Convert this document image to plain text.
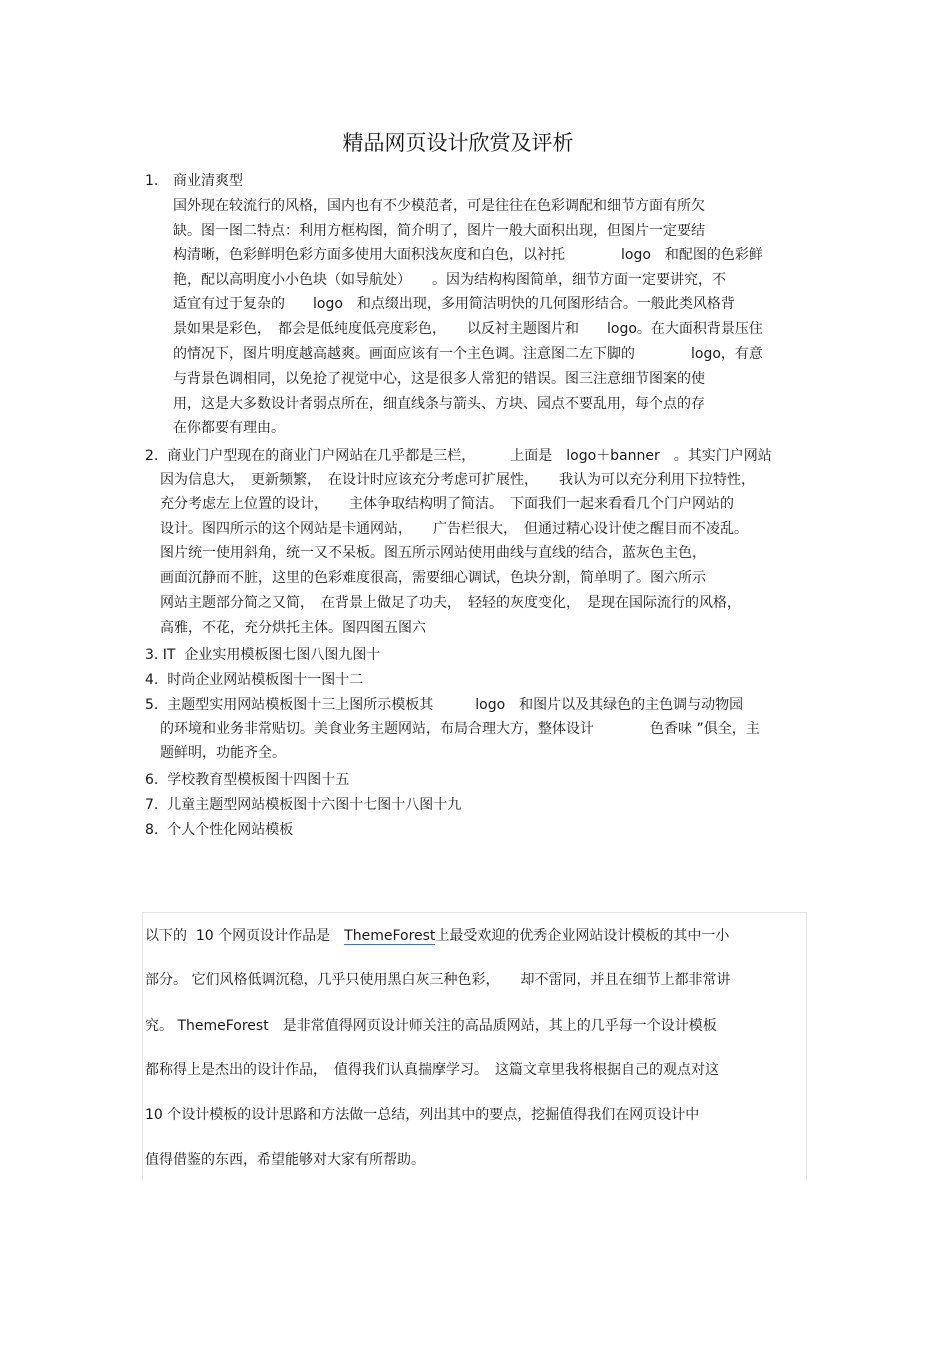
精品网页设计欣赏及评析
1. 商业清爽型
国外现在较流行的风格，国内也有不少模范者，可是往往在色彩调配和细节方面有所欠
缺。图一图二特点：利用方框构图，简介明了，图片一般大面积出现，但图片一定要结
构清晰，色彩鲜明色彩方面多使用大面积浅灰度和白色，以衬托　　　　logo　和配图的色彩鲜
艳，配以高明度小小色块（如导航处）　　。因为结构构图简单，细节方面一定要讲究，不
适宜有过于复杂的　　logo　和点缀出现，多用简洁明快的几何图形结合。一般此类风格背
景如果是彩色，　都会是低纯度低亮度彩色，　　以反衬主题图片和　　logo。在大面积背景压住
的情况下，图片明度越高越爽。画面应该有一个主色调。注意图二左下脚的　　　　logo，有意
与背景色调相同，以免抢了视觉中心，这是很多人常犯的错误。图三注意细节图案的使
用，这是大多数设计者弱点所在，细直线条与箭头、方块、园点不要乱用，每个点的存
在你都要有理由。
2.  商业门户型现在的商业门户网站在几乎都是三栏，　　　上面是　logo＋banner　。其实门户网站
因为信息大，　更新频繁，　在设计时应该充分考虑可扩展性，　　我认为可以充分利用下拉特性，
充分考虑左上位置的设计，　　主体争取结构明了简洁。　下面我们一起来看看几个门户网站的
设计。图四所示的这个网站是卡通网站，　　广告栏很大，　但通过精心设计使之醒目而不凌乱。
图片统一使用斜角，统一又不呆板。图五所示网站使用曲线与直线的结合，蓝灰色主色，
画面沉静而不脏，这里的色彩难度很高，需要细心调试，色块分割，简单明了。图六所示
网站主题部分简之又简，　在背景上做足了功夫，　轻轻的灰度变化，　是现在国际流行的风格，
高雅，不花，充分烘托主体。图四图五图六
3. IT  企业实用模板图七图八图九图十
4.  时尚企业网站模板图十一图十二
5.  主题型实用网站模板图十三上图所示模板其　　　logo　和图片以及其绿色的主色调与动物园
的环境和业务非常贴切。美食业务主题网站，布局合理大方，整体设计　　　　色香味 ”俱全，主
题鲜明，功能齐全。
6.  学校教育型模板图十四图十五
7.  儿童主题型网站模板图十六图十七图十八图十九
8.  个人个性化网站模板
以下的  10 个网页设计作品是　ThemeForest上最受欢迎的优秀企业网站设计模板的其中一小
部分。 它们风格低调沉稳，几乎只使用黑白灰三种色彩，　　却不雷同，并且在细节上都非常讲
究。 ThemeForest　是非常值得网页设计师关注的高品质网站，其上的几乎每一个设计模板
都称得上是杰出的设计作品，　值得我们认真揣摩学习。　这篇文章里我将根据自己的观点对这
10 个设计模板的设计思路和方法做一总结，列出其中的要点，挖掘值得我们在网页设计中
值得借鉴的东西，希望能够对大家有所帮助。
